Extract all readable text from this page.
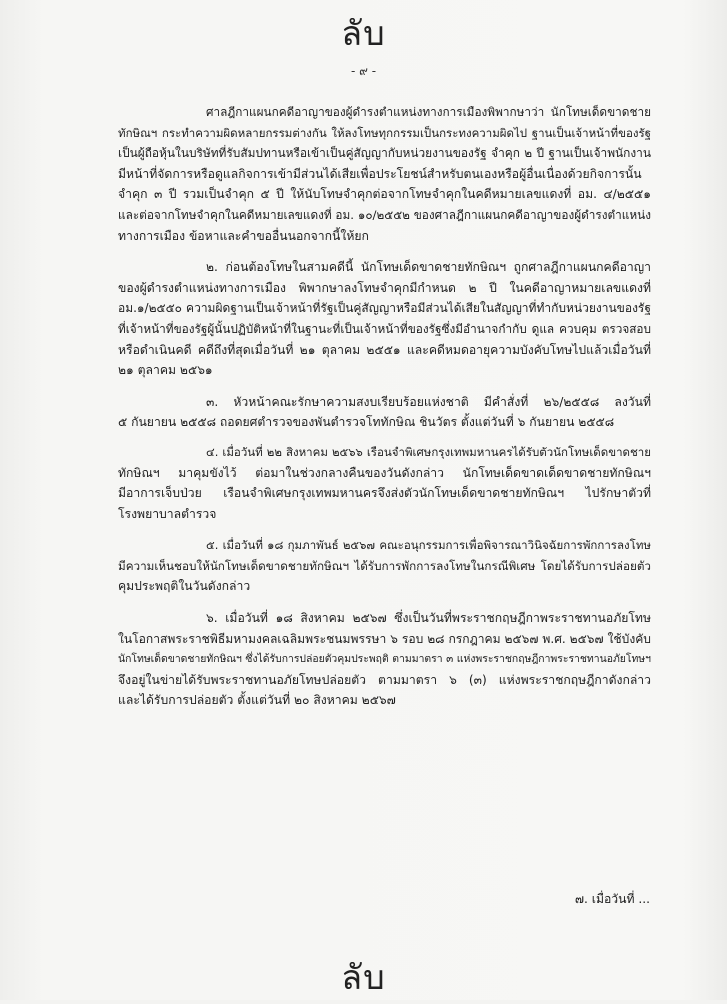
ลับ
- ๙ -
ศาลฎีกาแผนกคดีอาญาของผู้ดำรงตำแหน่งทางการเมืองพิพากษาว่า นักโทษเด็ดขาดชาย
ทักษิณฯ กระทำความผิดหลายกรรมต่างกัน ให้ลงโทษทุกกรรมเป็นกระทงความผิดไป ฐานเป็นเจ้าหน้าที่ของรัฐ
เป็นผู้ถือหุ้นในบริษัทที่รับสัมปทานหรือเข้าเป็นคู่สัญญากับหน่วยงานของรัฐ จำคุก ๒ ปี ฐานเป็นเจ้าพนักงาน
มีหน้าที่จัดการหรือดูแลกิจการเข้ามีส่วนได้เสียเพื่อประโยชน์สำหรับตนเองหรือผู้อื่นเนื่องด้วยกิจการนั้น
จำคุก ๓ ปี รวมเป็นจำคุก ๕ ปี ให้นับโทษจำคุกต่อจากโทษจำคุกในคดีหมายเลขแดงที่ อม. ๔/๒๕๕๑
และต่อจากโทษจำคุกในคดีหมายเลขแดงที่ อม. ๑๐/๒๕๕๒ ของศาลฎีกาแผนกคดีอาญาของผู้ดำรงตำแหน่ง
ทางการเมือง ข้อหาและคำขออื่นนอกจากนี้ให้ยก
๒. ก่อนต้องโทษในสามคดีนี้ นักโทษเด็ดขาดชายทักษิณฯ ถูกศาลฎีกาแผนกคดีอาญา
ของผู้ดำรงตำแหน่งทางการเมือง พิพากษาลงโทษจำคุกมีกำหนด ๒ ปี ในคดีอาญาหมายเลขแดงที่
อม.๑/๒๕๕๐ ความผิดฐานเป็นเจ้าหน้าที่รัฐเป็นคู่สัญญาหรือมีส่วนได้เสียในสัญญาที่ทำกับหน่วยงานของรัฐ
ที่เจ้าหน้าที่ของรัฐผู้นั้นปฏิบัติหน้าที่ในฐานะที่เป็นเจ้าหน้าที่ของรัฐซึ่งมีอำนาจกำกับ ดูแล ควบคุม ตรวจสอบ
หรือดำเนินคดี คดีถึงที่สุดเมื่อวันที่ ๒๑ ตุลาคม ๒๕๕๑ และคดีหมดอายุความบังคับโทษไปแล้วเมื่อวันที่
๒๑ ตุลาคม ๒๕๖๑
๓. หัวหน้าคณะรักษาความสงบเรียบร้อยแห่งชาติ มีคำสั่งที่ ๒๖/๒๕๕๘ ลงวันที่
๕ กันยายน ๒๕๕๘ ถอดยศตำรวจของพันตำรวจโททักษิณ ชินวัตร ตั้งแต่วันที่ ๖ กันยายน ๒๕๕๘
๔. เมื่อวันที่ ๒๒ สิงหาคม ๒๕๖๖ เรือนจำพิเศษกรุงเทพมหานครได้รับตัวนักโทษเด็ดขาดชาย
ทักษิณฯ มาคุมขังไว้ ต่อมาในช่วงกลางคืนของวันดังกล่าว นักโทษเด็ดขาดเด็ดขาดชายทักษิณฯ
มีอาการเจ็บป่วย เรือนจำพิเศษกรุงเทพมหานครจึงส่งตัวนักโทษเด็ดขาดชายทักษิณฯ ไปรักษาตัวที่
โรงพยาบาลตำรวจ
๕. เมื่อวันที่ ๑๘ กุมภาพันธ์ ๒๕๖๗ คณะอนุกรรมการเพื่อพิจารณาวินิจฉัยการพักการลงโทษ
มีความเห็นชอบให้นักโทษเด็ดขาดชายทักษิณฯ ได้รับการพักการลงโทษในกรณีพิเศษ โดยได้รับการปล่อยตัว
คุมประพฤติในวันดังกล่าว
๖. เมื่อวันที่ ๑๘ สิงหาคม ๒๕๖๗ ซึ่งเป็นวันที่พระราชกฤษฎีกาพระราชทานอภัยโทษ
ในโอกาสพระราชพิธีมหามงคลเฉลิมพระชนมพรรษา ๖ รอบ ๒๘ กรกฎาคม ๒๕๖๗ พ.ศ. ๒๕๖๗ ใช้บังคับ
นักโทษเด็ดขาดชายทักษิณฯ ซึ่งได้รับการปล่อยตัวคุมประพฤติ ตามมาตรา ๓ แห่งพระราชกฤษฎีกาพระราชทานอภัยโทษฯ
จึงอยู่ในข่ายได้รับพระราชทานอภัยโทษปล่อยตัว ตามมาตรา ๖ (๓) แห่งพระราชกฤษฎีกาดังกล่าว
และได้รับการปล่อยตัว ตั้งแต่วันที่ ๒๐ สิงหาคม ๒๕๖๗
๗. เมื่อวันที่ ...
ลับ
